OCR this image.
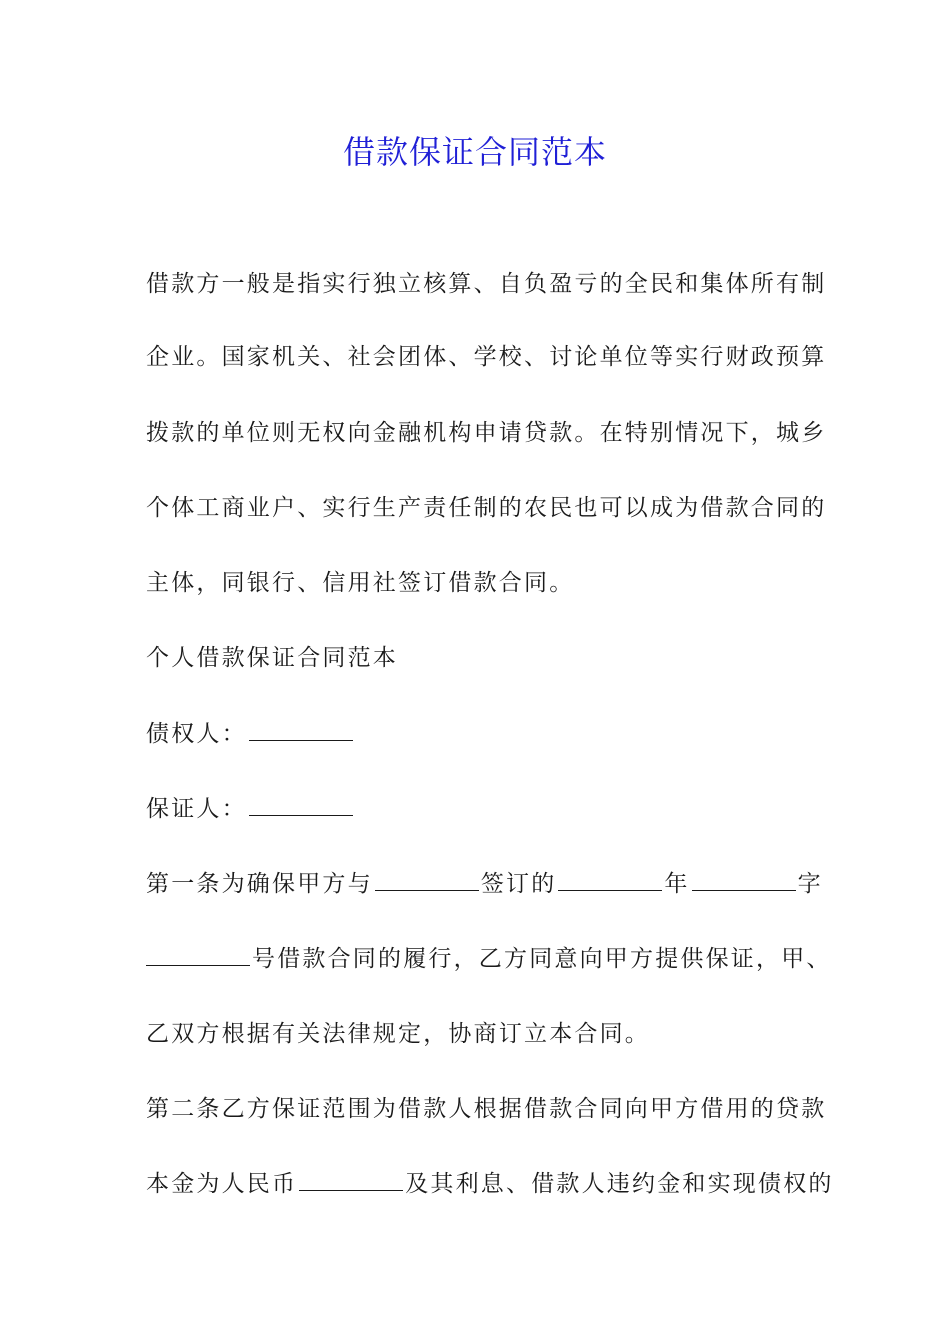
借款保证合同范本
借款方一般是指实行独立核算、自负盈亏的全民和集体所有制
企业。国家机关、社会团体、学校、讨论单位等实行财政预算
拨款的单位则无权向金融机构申请贷款。在特别情况下，城乡
个体工商业户、实行生产责任制的农民也可以成为借款合同的
主体，同银行、信用社签订借款合同。
个人借款保证合同范本
债权人：
保证人：
第一条为确保甲方与	签订的	年	字
号借款合同的履行，乙方同意向甲方提供保证，甲、
乙双方根据有关法律规定，协商订立本合同。
第二条乙方保证范围为借款人根据借款合同向甲方借用的贷款
本金为人民币	及其利息、借款人违约金和实现债权的
